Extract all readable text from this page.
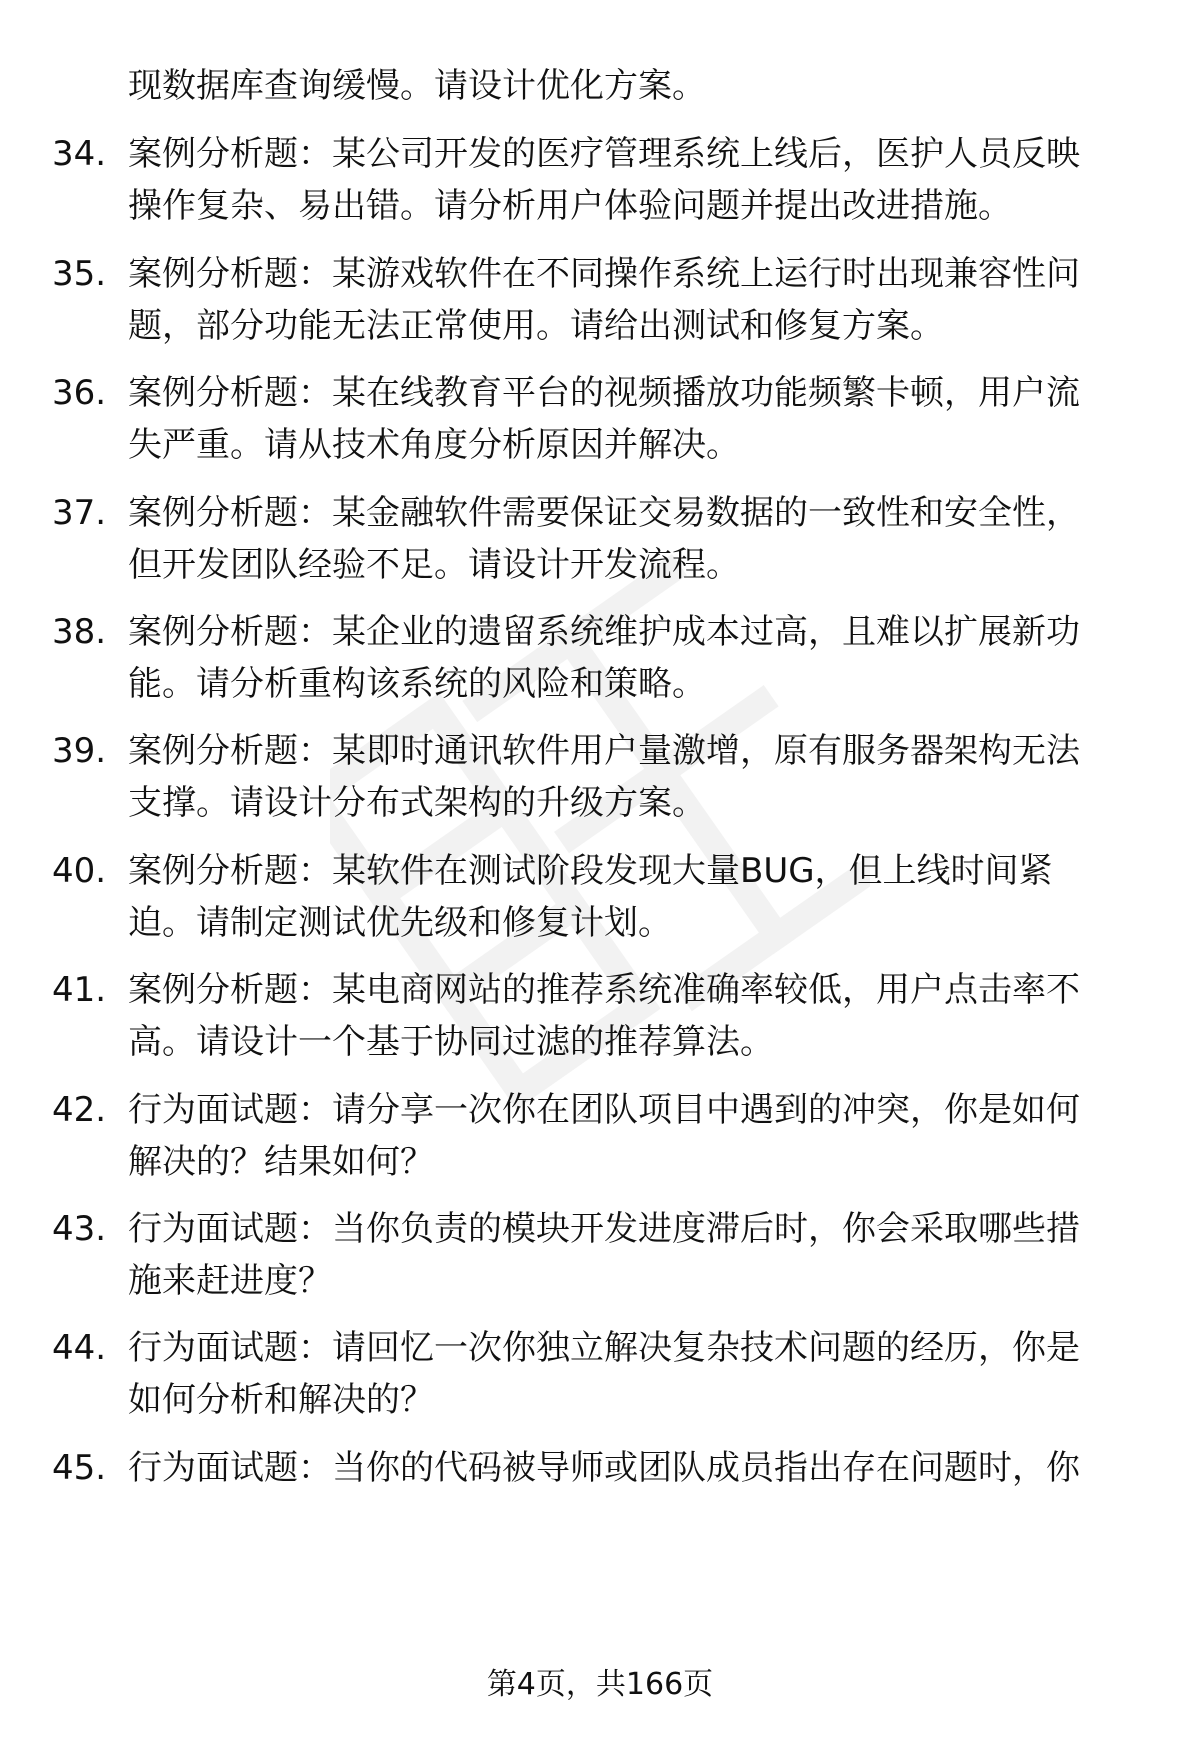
现数据库查询缓慢。请设计优化方案。
34. 案例分析题：某公司开发的医疗管理系统上线后，医护人员反映
操作复杂、易出错。请分析用户体验问题并提出改进措施。
35. 案例分析题：某游戏软件在不同操作系统上运行时出现兼容性问
题，部分功能无法正常使用。请给出测试和修复方案。
36. 案例分析题：某在线教育平台的视频播放功能频繁卡顿，用户流
失严重。请从技术角度分析原因并解决。
37. 案例分析题：某金融软件需要保证交易数据的一致性和安全性，
但开发团队经验不足。请设计开发流程。
38. 案例分析题：某企业的遗留系统维护成本过高，且难以扩展新功
能。请分析重构该系统的风险和策略。
39. 案例分析题：某即时通讯软件用户量激增，原有服务器架构无法
支撑。请设计分布式架构的升级方案。
40. 案例分析题：某软件在测试阶段发现大量BUG，但上线时间紧
迫。请制定测试优先级和修复计划。
41. 案例分析题：某电商网站的推荐系统准确率较低，用户点击率不
高。请设计一个基于协同过滤的推荐算法。
42. 行为面试题：请分享一次你在团队项目中遇到的冲突，你是如何
解决的？结果如何？
43. 行为面试题：当你负责的模块开发进度滞后时，你会采取哪些措
施来赶进度？
44. 行为面试题：请回忆一次你独立解决复杂技术问题的经历，你是
如何分析和解决的？
45. 行为面试题：当你的代码被导师或团队成员指出存在问题时，你
第4页，共166页
